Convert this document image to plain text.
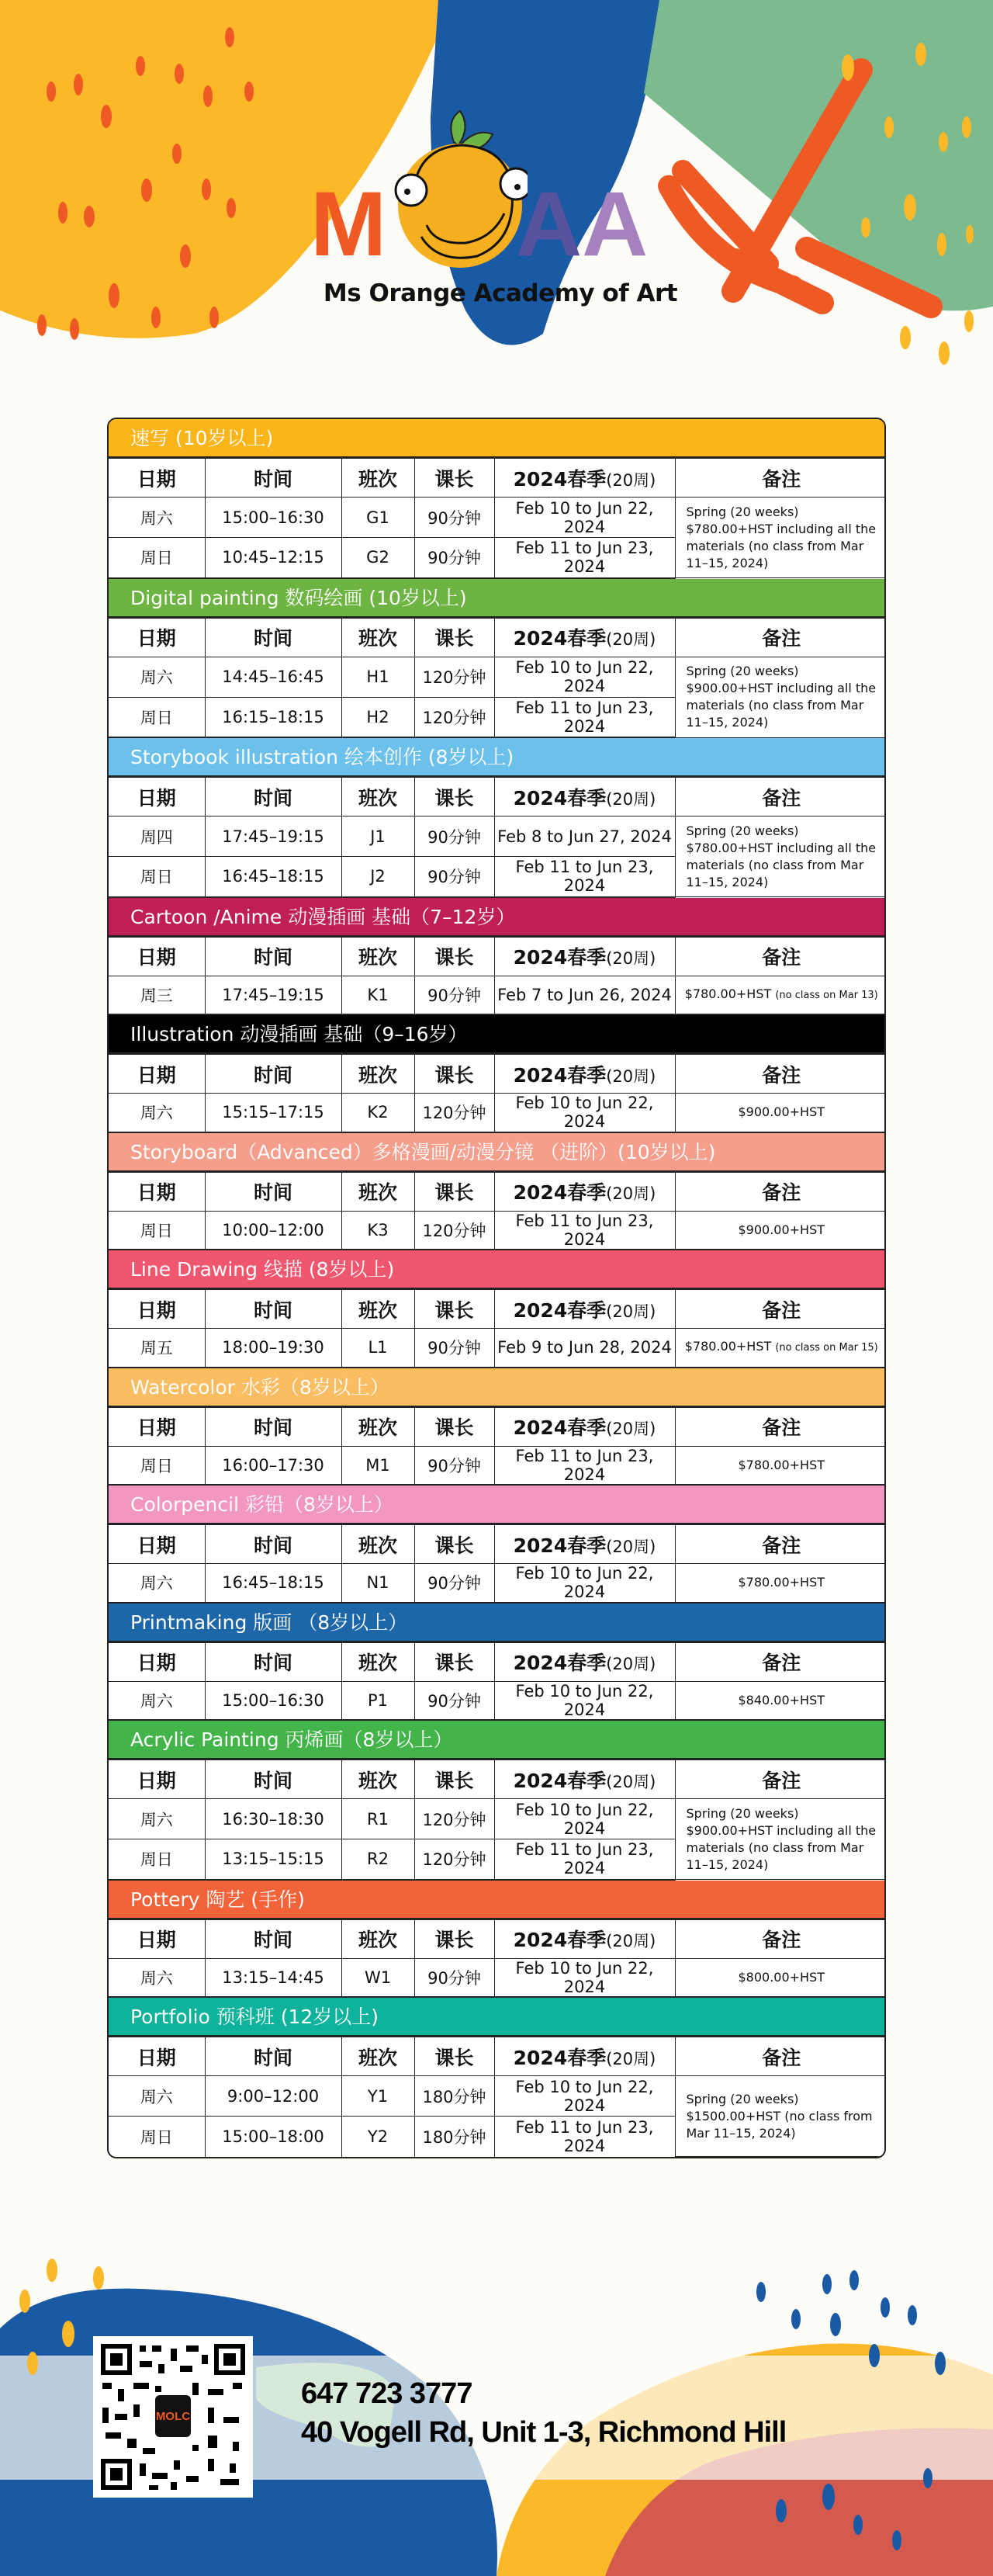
M A A
Ms Orange Academy of Art
速写 (10岁以上)
日期	时间	班次	课长	2024春季(20周)	备注
周六	15:00–16:30	G1	90分钟	Feb 10 to Jun 22, 2024	Spring (20 weeks) $780.00+HST including all the materials (no class from Mar 11–15, 2024)
周日	10:45–12:15	G2	90分钟	Feb 11 to Jun 23, 2024	
Digital painting 数码绘画 (10岁以上)
日期	时间	班次	课长	2024春季(20周)	备注
周六	14:45–16:45	H1	120分钟	Feb 10 to Jun 22, 2024	Spring (20 weeks) $900.00+HST including all the materials (no class from Mar 11–15, 2024)
周日	16:15–18:15	H2	120分钟	Feb 11 to Jun 23, 2024	
Storybook illustration 绘本创作 (8岁以上)
日期	时间	班次	课长	2024春季(20周)	备注
周四	17:45–19:15	J1	90分钟	Feb 8 to Jun 27, 2024	Spring (20 weeks) $780.00+HST including all the materials (no class from Mar 11–15, 2024)
周日	16:45–18:15	J2	90分钟	Feb 11 to Jun 23, 2024	
Cartoon /Anime 动漫插画 基础（7–12岁）
日期	时间	班次	课长	2024春季(20周)	备注
周三	17:45–19:15	K1	90分钟	Feb 7 to Jun 26, 2024	$780.00+HST (no class on Mar 13)
Illustration 动漫插画 基础（9–16岁）
日期	时间	班次	课长	2024春季(20周)	备注
周六	15:15–17:15	K2	120分钟	Feb 10 to Jun 22, 2024	$900.00+HST
Storyboard（Advanced）多格漫画/动漫分镜 （进阶）(10岁以上)
日期	时间	班次	课长	2024春季(20周)	备注
周日	10:00–12:00	K3	120分钟	Feb 11 to Jun 23, 2024	$900.00+HST
Line Drawing 线描 (8岁以上)
日期	时间	班次	课长	2024春季(20周)	备注
周五	18:00–19:30	L1	90分钟	Feb 9 to Jun 28, 2024	$780.00+HST (no class on Mar 15)
Watercolor 水彩（8岁以上）
日期	时间	班次	课长	2024春季(20周)	备注
周日	16:00–17:30	M1	90分钟	Feb 11 to Jun 23, 2024	$780.00+HST
Colorpencil 彩铅（8岁以上）
日期	时间	班次	课长	2024春季(20周)	备注
周六	16:45–18:15	N1	90分钟	Feb 10 to Jun 22, 2024	$780.00+HST
Printmaking 版画 （8岁以上）
日期	时间	班次	课长	2024春季(20周)	备注
周六	15:00–16:30	P1	90分钟	Feb 10 to Jun 22, 2024	$840.00+HST
Acrylic Painting 丙烯画（8岁以上）
日期	时间	班次	课长	2024春季(20周)	备注
周六	16:30–18:30	R1	120分钟	Feb 10 to Jun 22, 2024	Spring (20 weeks) $900.00+HST including all the materials (no class from Mar 11–15, 2024)
周日	13:15–15:15	R2	120分钟	Feb 11 to Jun 23, 2024	
Pottery 陶艺 (手作)
日期	时间	班次	课长	2024春季(20周)	备注
周六	13:15–14:45	W1	90分钟	Feb 10 to Jun 22, 2024	$800.00+HST
Portfolio 预科班 (12岁以上)
日期	时间	班次	课长	2024春季(20周)	备注
周六	9:00–12:00	Y1	180分钟	Feb 10 to Jun 22, 2024	Spring (20 weeks) $1500.00+HST (no class from Mar 11–15, 2024)
周日	15:00–18:00	Y2	180分钟	Feb 11 to Jun 23, 2024	
MOLC
647 723 3777
40 Vogell Rd, Unit 1-3, Richmond Hill
